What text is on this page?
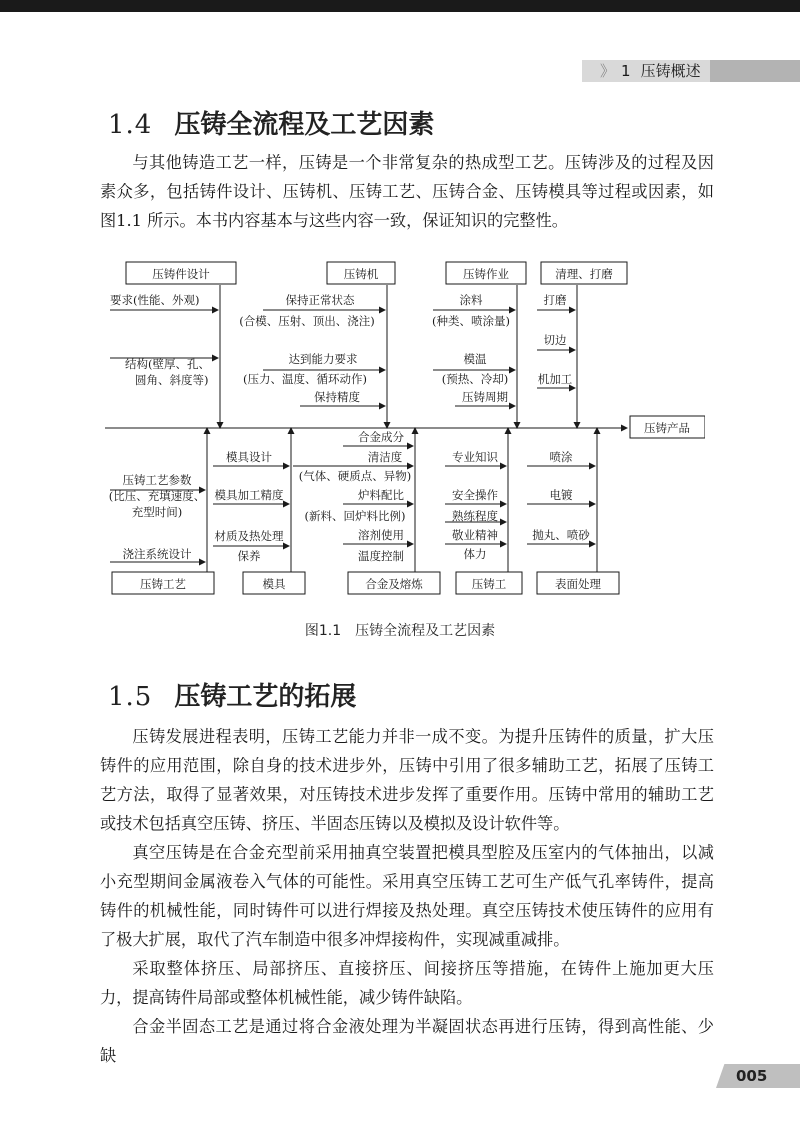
》 1 压铸概述
1.4 压铸全流程及工艺因素

与其他铸造工艺一样，压铸是一个非常复杂的热成型工艺。压铸涉及的过程及因素众多，包括铸件设计、压铸机、压铸工艺、压铸合金、压铸模具等过程或因素，如图1.1 所示。本书内容基本与这些内容一致，保证知识的完整性。

压铸件设计	压铸机	压铸作业	清理、打磨
压铸工艺	模具	合金及熔炼	压铸工	表面处理
压铸产品
要求(性能、外观)
结构(壁厚、孔、
圆角、斜度等)
保持正常状态
(合模、压射、顶出、浇注)
达到能力要求
(压力、温度、循环动作)
保持精度
涂料
(种类、喷涂量)
模温
(预热、冷却)
压铸周期
打磨
切边
机加工
压铸工艺参数
(比压、充填速度、
充型时间)
浇注系统设计
模具设计
模具加工精度
材质及热处理
保养
合金成分
清洁度
(气体、硬质点、异物)
炉料配比
(新料、回炉料比例)
溶剂使用
温度控制
专业知识
安全操作
熟练程度
敬业精神
体力
喷涂
电镀
抛丸、喷砂
图1.1　压铸全流程及工艺因素
1.5 压铸工艺的拓展

压铸发展进程表明，压铸工艺能力并非一成不变。为提升压铸件的质量，扩大压铸件的应用范围，除自身的技术进步外，压铸中引用了很多辅助工艺，拓展了压铸工艺方法，取得了显著效果，对压铸技术进步发挥了重要作用。压铸中常用的辅助工艺或技术包括真空压铸、挤压、半固态压铸以及模拟及设计软件等。

真空压铸是在合金充型前采用抽真空装置把模具型腔及压室内的气体抽出，以减小充型期间金属液卷入气体的可能性。采用真空压铸工艺可生产低气孔率铸件，提高铸件的机械性能，同时铸件可以进行焊接及热处理。真空压铸技术使压铸件的应用有了极大扩展，取代了汽车制造中很多冲焊接构件，实现减重减排。

采取整体挤压、局部挤压、直接挤压、间接挤压等措施，在铸件上施加更大压力，提高铸件局部或整体机械性能，减少铸件缺陷。

合金半固态工艺是通过将合金液处理为半凝固状态再进行压铸，得到高性能、少缺

005
